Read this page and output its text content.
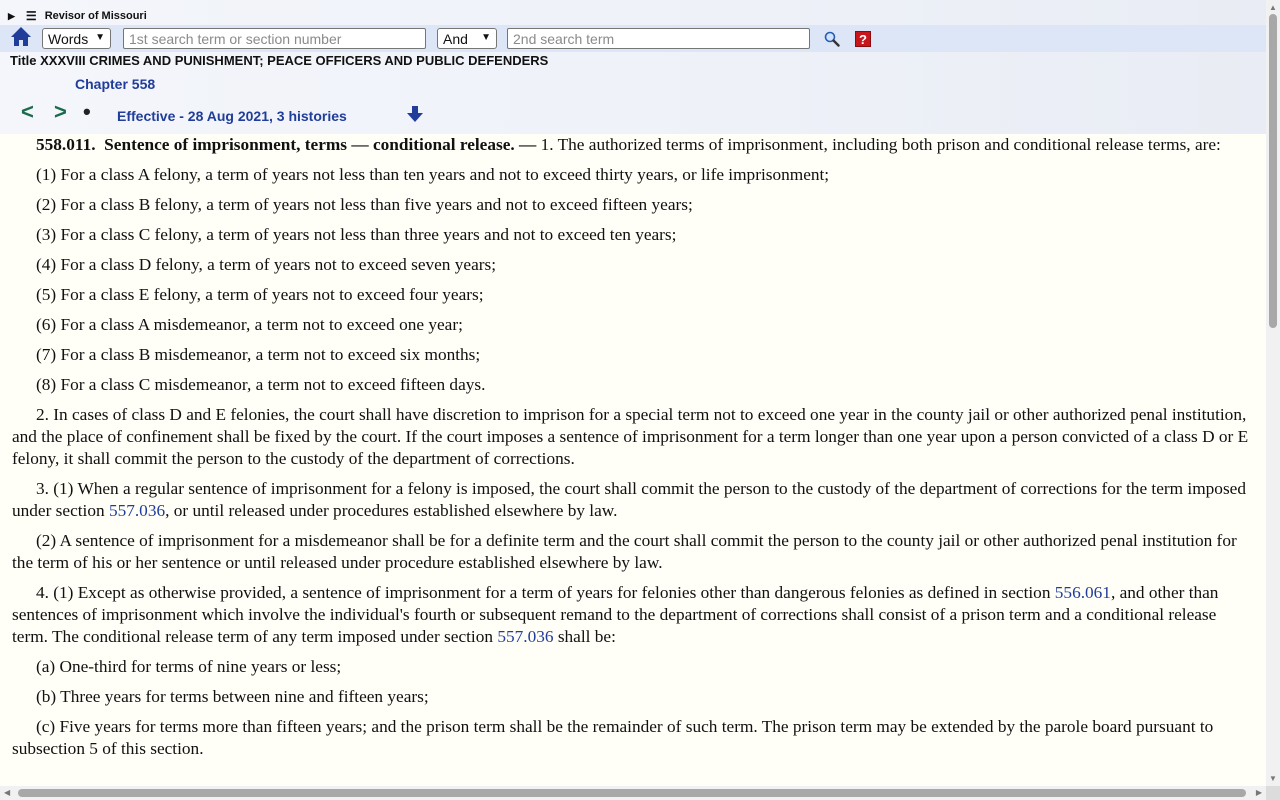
▶ ☰ Revisor of Missouri
Words ▼ 1st search term or section number	And ▼ 2nd search term	?
Title XXXVIII CRIMES AND PUNISHMENT; PEACE OFFICERS AND PUBLIC DEFENDERS
Chapter 558
< > • Effective - 28 Aug 2021, 3 histories

558.011. Sentence of imprisonment, terms — conditional release. — 1. The authorized terms of imprisonment, including both prison and conditional release terms, are:

(1) For a class A felony, a term of years not less than ten years and not to exceed thirty years, or life imprisonment;

(2) For a class B felony, a term of years not less than five years and not to exceed fifteen years;

(3) For a class C felony, a term of years not less than three years and not to exceed ten years;

(4) For a class D felony, a term of years not to exceed seven years;

(5) For a class E felony, a term of years not to exceed four years;

(6) For a class A misdemeanor, a term not to exceed one year;

(7) For a class B misdemeanor, a term not to exceed six months;

(8) For a class C misdemeanor, a term not to exceed fifteen days.

2. In cases of class D and E felonies, the court shall have discretion to imprison for a special term not to exceed one year in the county jail or other authorized penal institution, and the place of confinement shall be fixed by the court. If the court imposes a sentence of imprisonment for a term longer than one year upon a person convicted of a class D or E felony, it shall commit the person to the custody of the department of corrections.

3. (1) When a regular sentence of imprisonment for a felony is imposed, the court shall commit the person to the custody of the department of corrections for the term imposed under section 557.036, or until released under procedures established elsewhere by law.

(2) A sentence of imprisonment for a misdemeanor shall be for a definite term and the court shall commit the person to the county jail or other authorized penal institution for the term of his or her sentence or until released under procedure established elsewhere by law.

4. (1) Except as otherwise provided, a sentence of imprisonment for a term of years for felonies other than dangerous felonies as defined in section 556.061, and other than sentences of imprisonment which involve the individual's fourth or subsequent remand to the department of corrections shall consist of a prison term and a conditional release term. The conditional release term of any term imposed under section 557.036 shall be:

(a) One-third for terms of nine years or less;

(b) Three years for terms between nine and fifteen years;

(c) Five years for terms more than fifteen years; and the prison term shall be the remainder of such term. The prison term may be extended by the parole board pursuant to subsection 5 of this section.

▲
▼
◀	▶
